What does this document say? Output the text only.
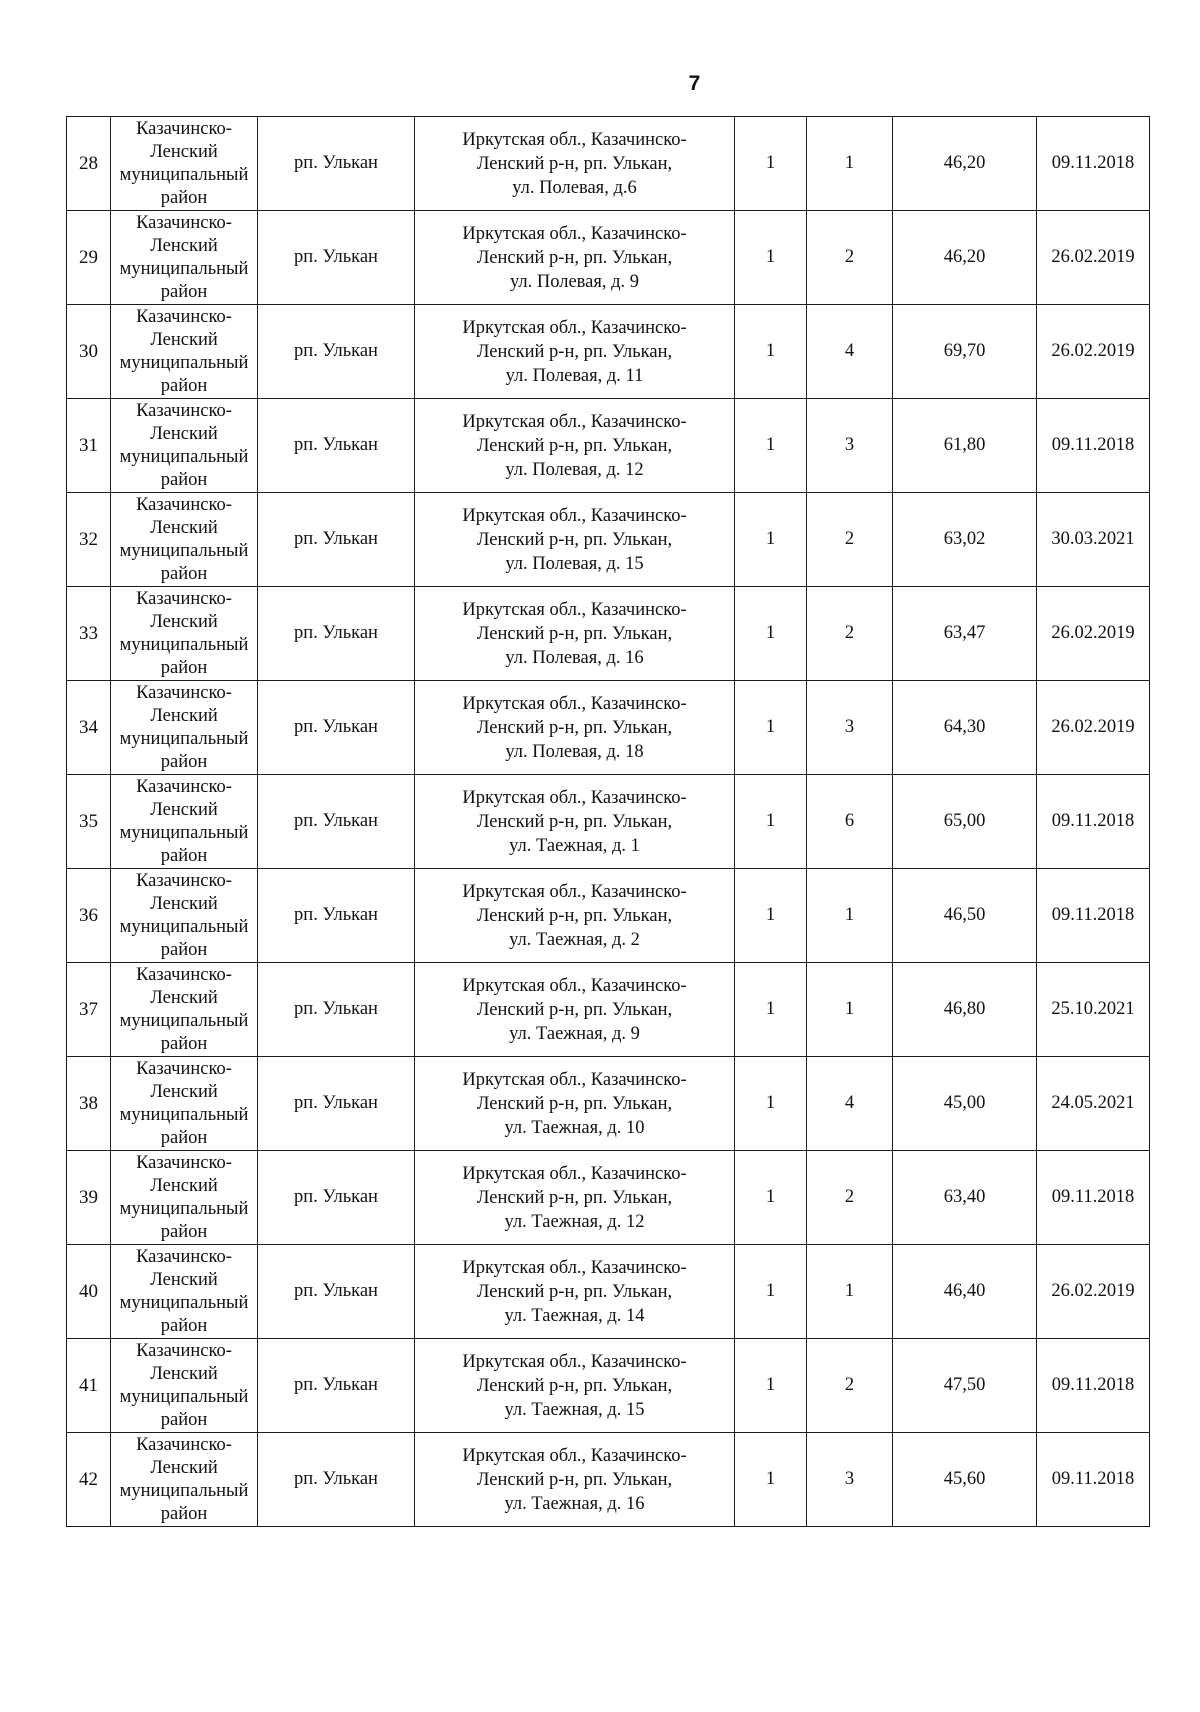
7
28	Казачинско-
Ленский
муниципальный
район	рп. Улькан	Иркутская обл., Казачинско-
Ленский р-н, рп. Улькан,
ул. Полевая, д.6	1	1	46,20	09.11.2018
29	Казачинско-
Ленский
муниципальный
район	рп. Улькан	Иркутская обл., Казачинско-
Ленский р-н, рп. Улькан,
ул. Полевая, д. 9	1	2	46,20	26.02.2019
30	Казачинско-
Ленский
муниципальный
район	рп. Улькан	Иркутская обл., Казачинско-
Ленский р-н, рп. Улькан,
ул. Полевая, д. 11	1	4	69,70	26.02.2019
31	Казачинско-
Ленский
муниципальный
район	рп. Улькан	Иркутская обл., Казачинско-
Ленский р-н, рп. Улькан,
ул. Полевая, д. 12	1	3	61,80	09.11.2018
32	Казачинско-
Ленский
муниципальный
район	рп. Улькан	Иркутская обл., Казачинско-
Ленский р-н, рп. Улькан,
ул. Полевая, д. 15	1	2	63,02	30.03.2021
33	Казачинско-
Ленский
муниципальный
район	рп. Улькан	Иркутская обл., Казачинско-
Ленский р-н, рп. Улькан,
ул. Полевая, д. 16	1	2	63,47	26.02.2019
34	Казачинско-
Ленский
муниципальный
район	рп. Улькан	Иркутская обл., Казачинско-
Ленский р-н, рп. Улькан,
ул. Полевая, д. 18	1	3	64,30	26.02.2019
35	Казачинско-
Ленский
муниципальный
район	рп. Улькан	Иркутская обл., Казачинско-
Ленский р-н, рп. Улькан,
ул. Таежная, д. 1	1	6	65,00	09.11.2018
36	Казачинско-
Ленский
муниципальный
район	рп. Улькан	Иркутская обл., Казачинско-
Ленский р-н, рп. Улькан,
ул. Таежная, д. 2	1	1	46,50	09.11.2018
37	Казачинско-
Ленский
муниципальный
район	рп. Улькан	Иркутская обл., Казачинско-
Ленский р-н, рп. Улькан,
ул. Таежная, д. 9	1	1	46,80	25.10.2021
38	Казачинско-
Ленский
муниципальный
район	рп. Улькан	Иркутская обл., Казачинско-
Ленский р-н, рп. Улькан,
ул. Таежная, д. 10	1	4	45,00	24.05.2021
39	Казачинско-
Ленский
муниципальный
район	рп. Улькан	Иркутская обл., Казачинско-
Ленский р-н, рп. Улькан,
ул. Таежная, д. 12	1	2	63,40	09.11.2018
40	Казачинско-
Ленский
муниципальный
район	рп. Улькан	Иркутская обл., Казачинско-
Ленский р-н, рп. Улькан,
ул. Таежная, д. 14	1	1	46,40	26.02.2019
41	Казачинско-
Ленский
муниципальный
район	рп. Улькан	Иркутская обл., Казачинско-
Ленский р-н, рп. Улькан,
ул. Таежная, д. 15	1	2	47,50	09.11.2018
42	Казачинско-
Ленский
муниципальный
район	рп. Улькан	Иркутская обл., Казачинско-
Ленский р-н, рп. Улькан,
ул. Таежная, д. 16	1	3	45,60	09.11.2018
